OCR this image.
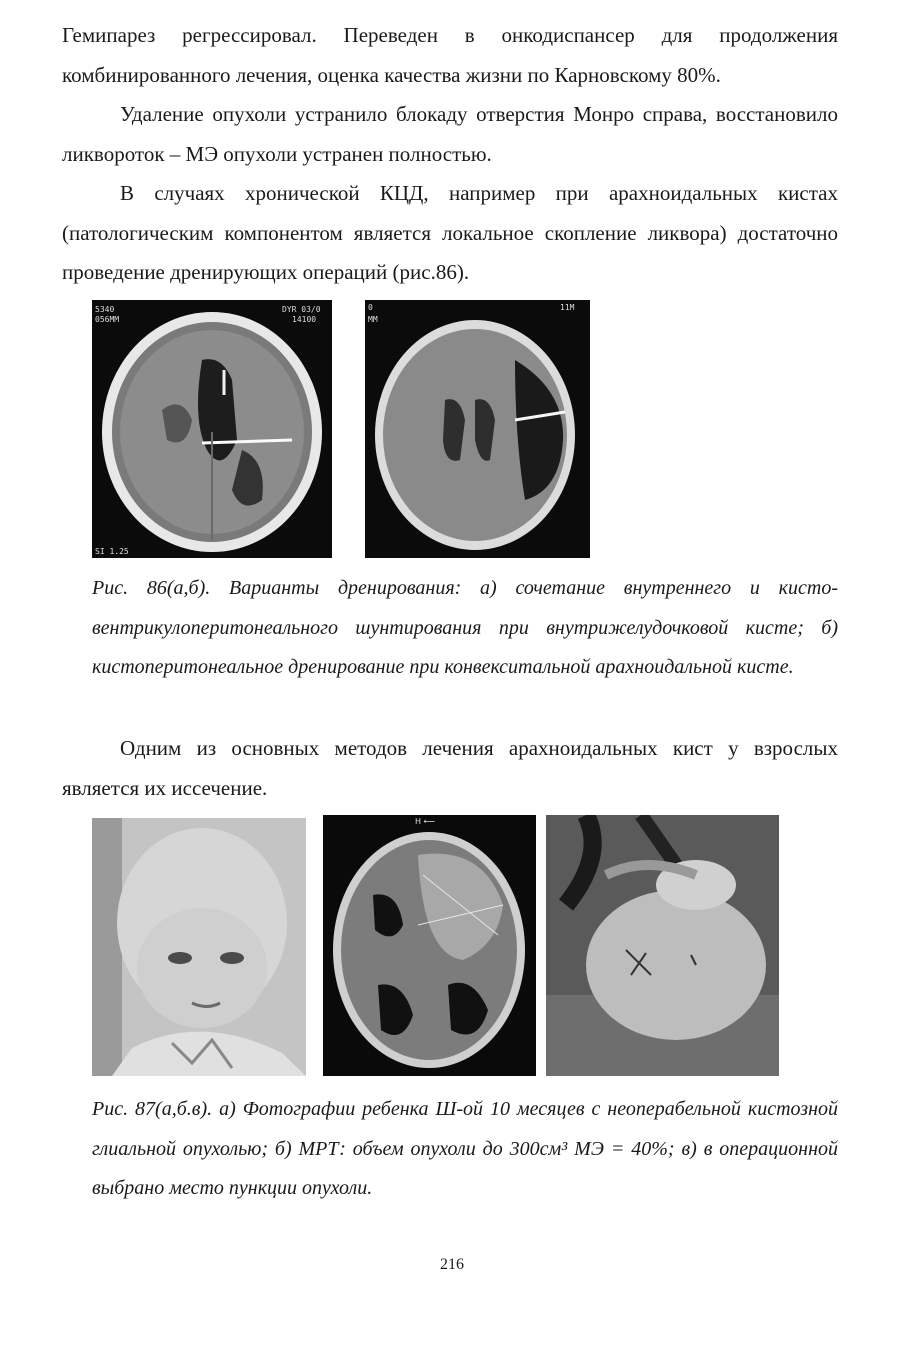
Гемипарез регрессировал. Переведен в онкодиспансер для продолжения комбинированного лечения, оценка качества жизни по Карновскому 80%.

Удаление опухоли устранило блокаду отверстия Монро справа, восстановило ликвороток – МЭ опухоли устранен полностью.

В случаях хронической КЦД, например при арахноидальных кистах (патологическим компонентом является локальное скопление ликвора) достаточно проведение дренирующих операций (рис.86).

5340
056MM
DYR 03/0
14100
SI 1.25
0
MM
11M

Рис. 86(а,б). Варианты дренирования: а) сочетание внутреннего и кисто-вентрикулоперитонеального шунтирования при внутрижелудочковой кисте; б) кистоперитонеальное дренирование при конвекситальной арахноидальной кисте.

Одним из основных методов лечения арахноидальных кист у взрослых является их иссечение.

H ⟵

Рис. 87(а,б.в). а) Фотографии ребенка Ш-ой 10 месяцев с неоперабельной кистозной глиальной опухолью; б) МРТ: объем опухоли до 300см³ МЭ = 40%; в) в операционной выбрано место пункции опухоли.

216
